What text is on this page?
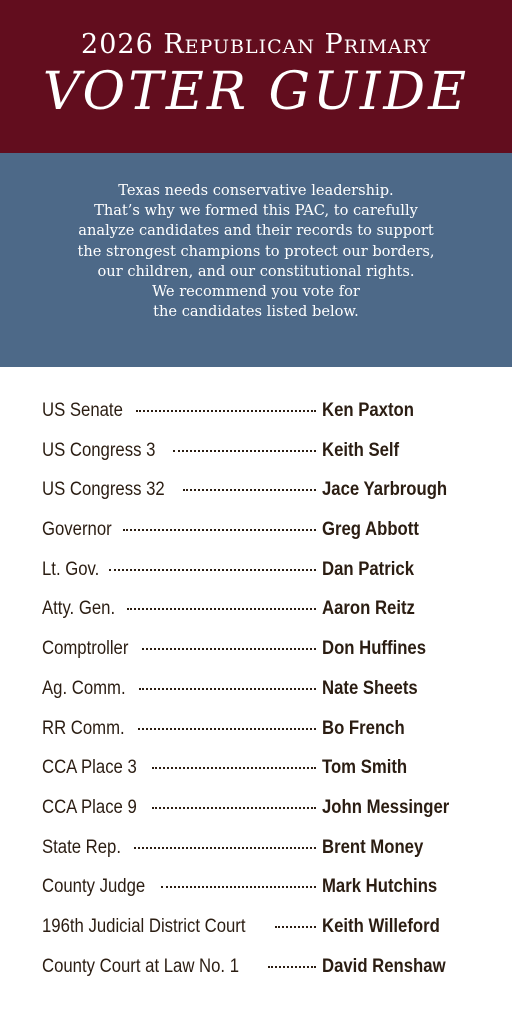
2026 Republican Primary
VOTER GUIDE
Texas needs conservative leadership.
That’s why we formed this PAC, to carefully
analyze candidates and their records to support
the strongest champions to protect our borders,
our children, and our constitutional rights.
We recommend you vote for
the candidates listed below.
US Senate	Ken Paxton
US Congress 3	Keith Self
US Congress 32	Jace Yarbrough
Governor	Greg Abbott
Lt. Gov.	Dan Patrick
Atty. Gen.	Aaron Reitz
Comptroller	Don Huffines
Ag. Comm.	Nate Sheets
RR Comm.	Bo French
CCA Place 3	Tom Smith
CCA Place 9	John Messinger
State Rep.	Brent Money
County Judge	Mark Hutchins
196th Judicial District Court	Keith Willeford
County Court at Law No. 1	David Renshaw
